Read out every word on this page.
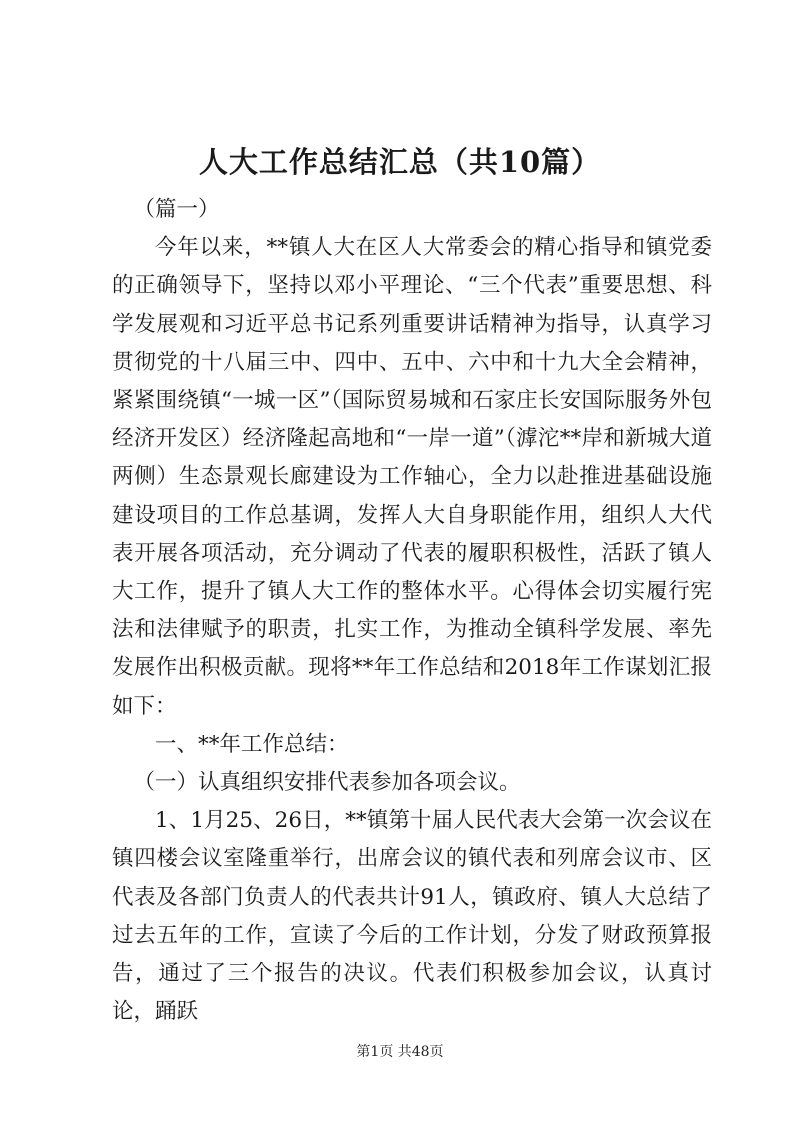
人大工作总结汇总（共10篇）

（篇一）

今年以来，**镇人大在区人大常委会的精心指导和镇党委的正确领导下，坚持以邓小平理论、“三个代表”重要思想、科学发展观和习近平总书记系列重要讲话精神为指导，认真学习贯彻党的十八届三中、四中、五中、六中和十九大全会精神，紧紧围绕镇“一城一区”（国际贸易城和石家庄长安国际服务外包经济开发区）经济隆起高地和“一岸一道”（滹沱**岸和新城大道两侧）生态景观长廊建设为工作轴心，全力以赴推进基础设施建设项目的工作总基调，发挥人大自身职能作用，组织人大代表开展各项活动，充分调动了代表的履职积极性，活跃了镇人大工作，提升了镇人大工作的整体水平。心得体会切实履行宪法和法律赋予的职责，扎实工作，为推动全镇科学发展、率先发展作出积极贡献。现将**年工作总结和2018年工作谋划汇报如下：

一、**年工作总结：

（一）认真组织安排代表参加各项会议。

1、1月25、26日，**镇第十届人民代表大会第一次会议在镇四楼会议室隆重举行，出席会议的镇代表和列席会议市、区代表及各部门负责人的代表共计91人，镇政府、镇人大总结了过去五年的工作，宣读了今后的工作计划，分发了财政预算报告，通过了三个报告的决议。代表们积极参加会议，认真讨论，踊跃

第1页 共48页
